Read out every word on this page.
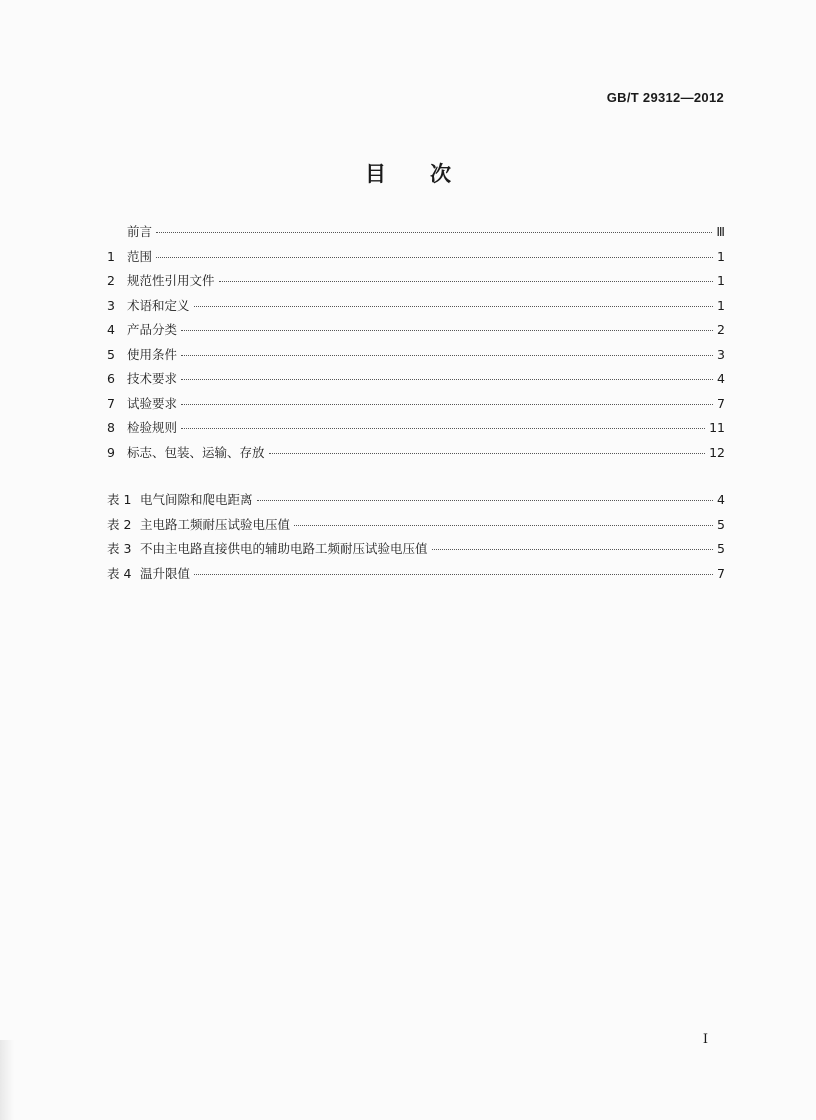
GB/T 29312—2012
目 次
前言	Ⅲ
1 范围	1
2 规范性引用文件	1
3 术语和定义	1
4 产品分类	2
5 使用条件	3
6 技术要求	4
7 试验要求	7
8 检验规则	11
9 标志、包装、运输、存放	12
表 1 电气间隙和爬电距离	4
表 2 主电路工频耐压试验电压值	5
表 3 不由主电路直接供电的辅助电路工频耐压试验电压值	5
表 4 温升限值	7
I
